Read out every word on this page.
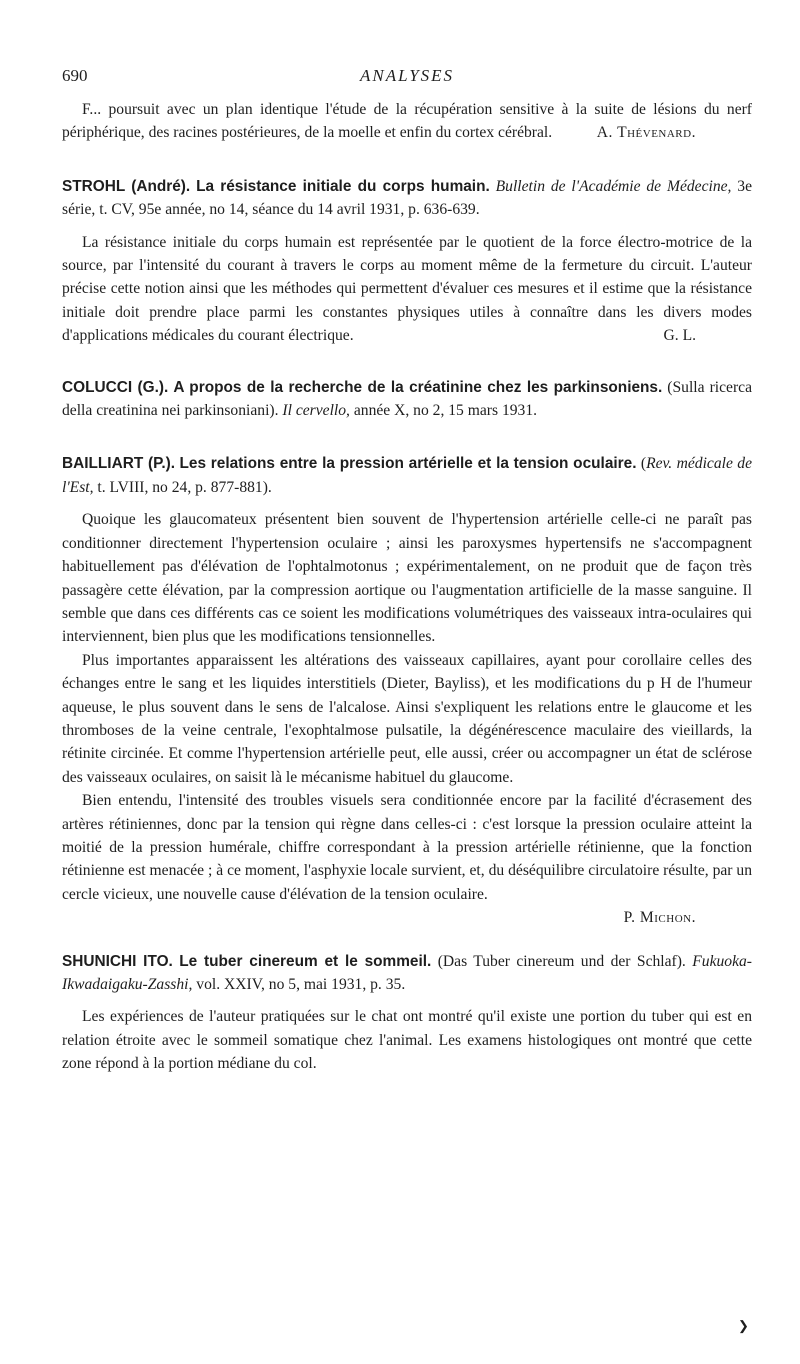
690	ANALYSES

F... poursuit avec un plan identique l'étude de la récupération sensitive à la suite de lésions du nerf périphérique, des racines postérieures, de la moelle et enfin du cortex cérébral.	A. Thévenard.

STROHL (André). La résistance initiale du corps humain. Bulletin de l'Académie de Médecine, 3e série, t. CV, 95e année, no 14, séance du 14 avril 1931, p. 636-639.

La résistance initiale du corps humain est représentée par le quotient de la force électro-motrice de la source, par l'intensité du courant à travers le corps au moment même de la fermeture du circuit. L'auteur précise cette notion ainsi que les méthodes qui permettent d'évaluer ces mesures et il estime que la résistance initiale doit prendre place parmi les constantes physiques utiles à connaître dans les divers modes d'applications médicales du courant électrique.	G. L.

COLUCCI (G.). A propos de la recherche de la créatinine chez les parkinsoniens. (Sulla ricerca della creatinina nei parkinsoniani). Il cervello, année X, no 2, 15 mars 1931.

BAILLIART (P.). Les relations entre la pression artérielle et la tension oculaire. (Rev. médicale de l'Est, t. LVIII, no 24, p. 877-881).

Quoique les glaucomateux présentent bien souvent de l'hypertension artérielle celle-ci ne paraît pas conditionner directement l'hypertension oculaire ; ainsi les paroxysmes hypertensifs ne s'accompagnent habituellement pas d'élévation de l'ophtalmotonus ; expérimentalement, on ne produit que de façon très passagère cette élévation, par la compression aortique ou l'augmentation artificielle de la masse sanguine. Il semble que dans ces différents cas ce soient les modifications volumétriques des vaisseaux intra-oculaires qui interviennent, bien plus que les modifications tensionnelles.

Plus importantes apparaissent les altérations des vaisseaux capillaires, ayant pour corollaire celles des échanges entre le sang et les liquides interstitiels (Dieter, Bayliss), et les modifications du p H de l'humeur aqueuse, le plus souvent dans le sens de l'alcalose. Ainsi s'expliquent les relations entre le glaucome et les thromboses de la veine centrale, l'exophtalmose pulsatile, la dégénérescence maculaire des vieillards, la rétinite circinée. Et comme l'hypertension artérielle peut, elle aussi, créer ou accompagner un état de sclérose des vaisseaux oculaires, on saisit là le mécanisme habituel du glaucome.

Bien entendu, l'intensité des troubles visuels sera conditionnée encore par la facilité d'écrasement des artères rétiniennes, donc par la tension qui règne dans celles-ci : c'est lorsque la pression oculaire atteint la moitié de la pression humérale, chiffre correspondant à la pression artérielle rétinienne, que la fonction rétinienne est menacée ; à ce moment, l'asphyxie locale survient, et, du déséquilibre circulatoire résulte, par un cercle vicieux, une nouvelle cause d'élévation de la tension oculaire.

P. Michon.

SHUNICHI ITO. Le tuber cinereum et le sommeil. (Das Tuber cinereum und der Schlaf). Fukuoka-Ikwadaigaku-Zasshi, vol. XXIV, no 5, mai 1931, p. 35.

Les expériences de l'auteur pratiquées sur le chat ont montré qu'il existe une portion du tuber qui est en relation étroite avec le sommeil somatique chez l'animal. Les examens histologiques ont montré que cette zone répond à la portion médiane du col.

❯
